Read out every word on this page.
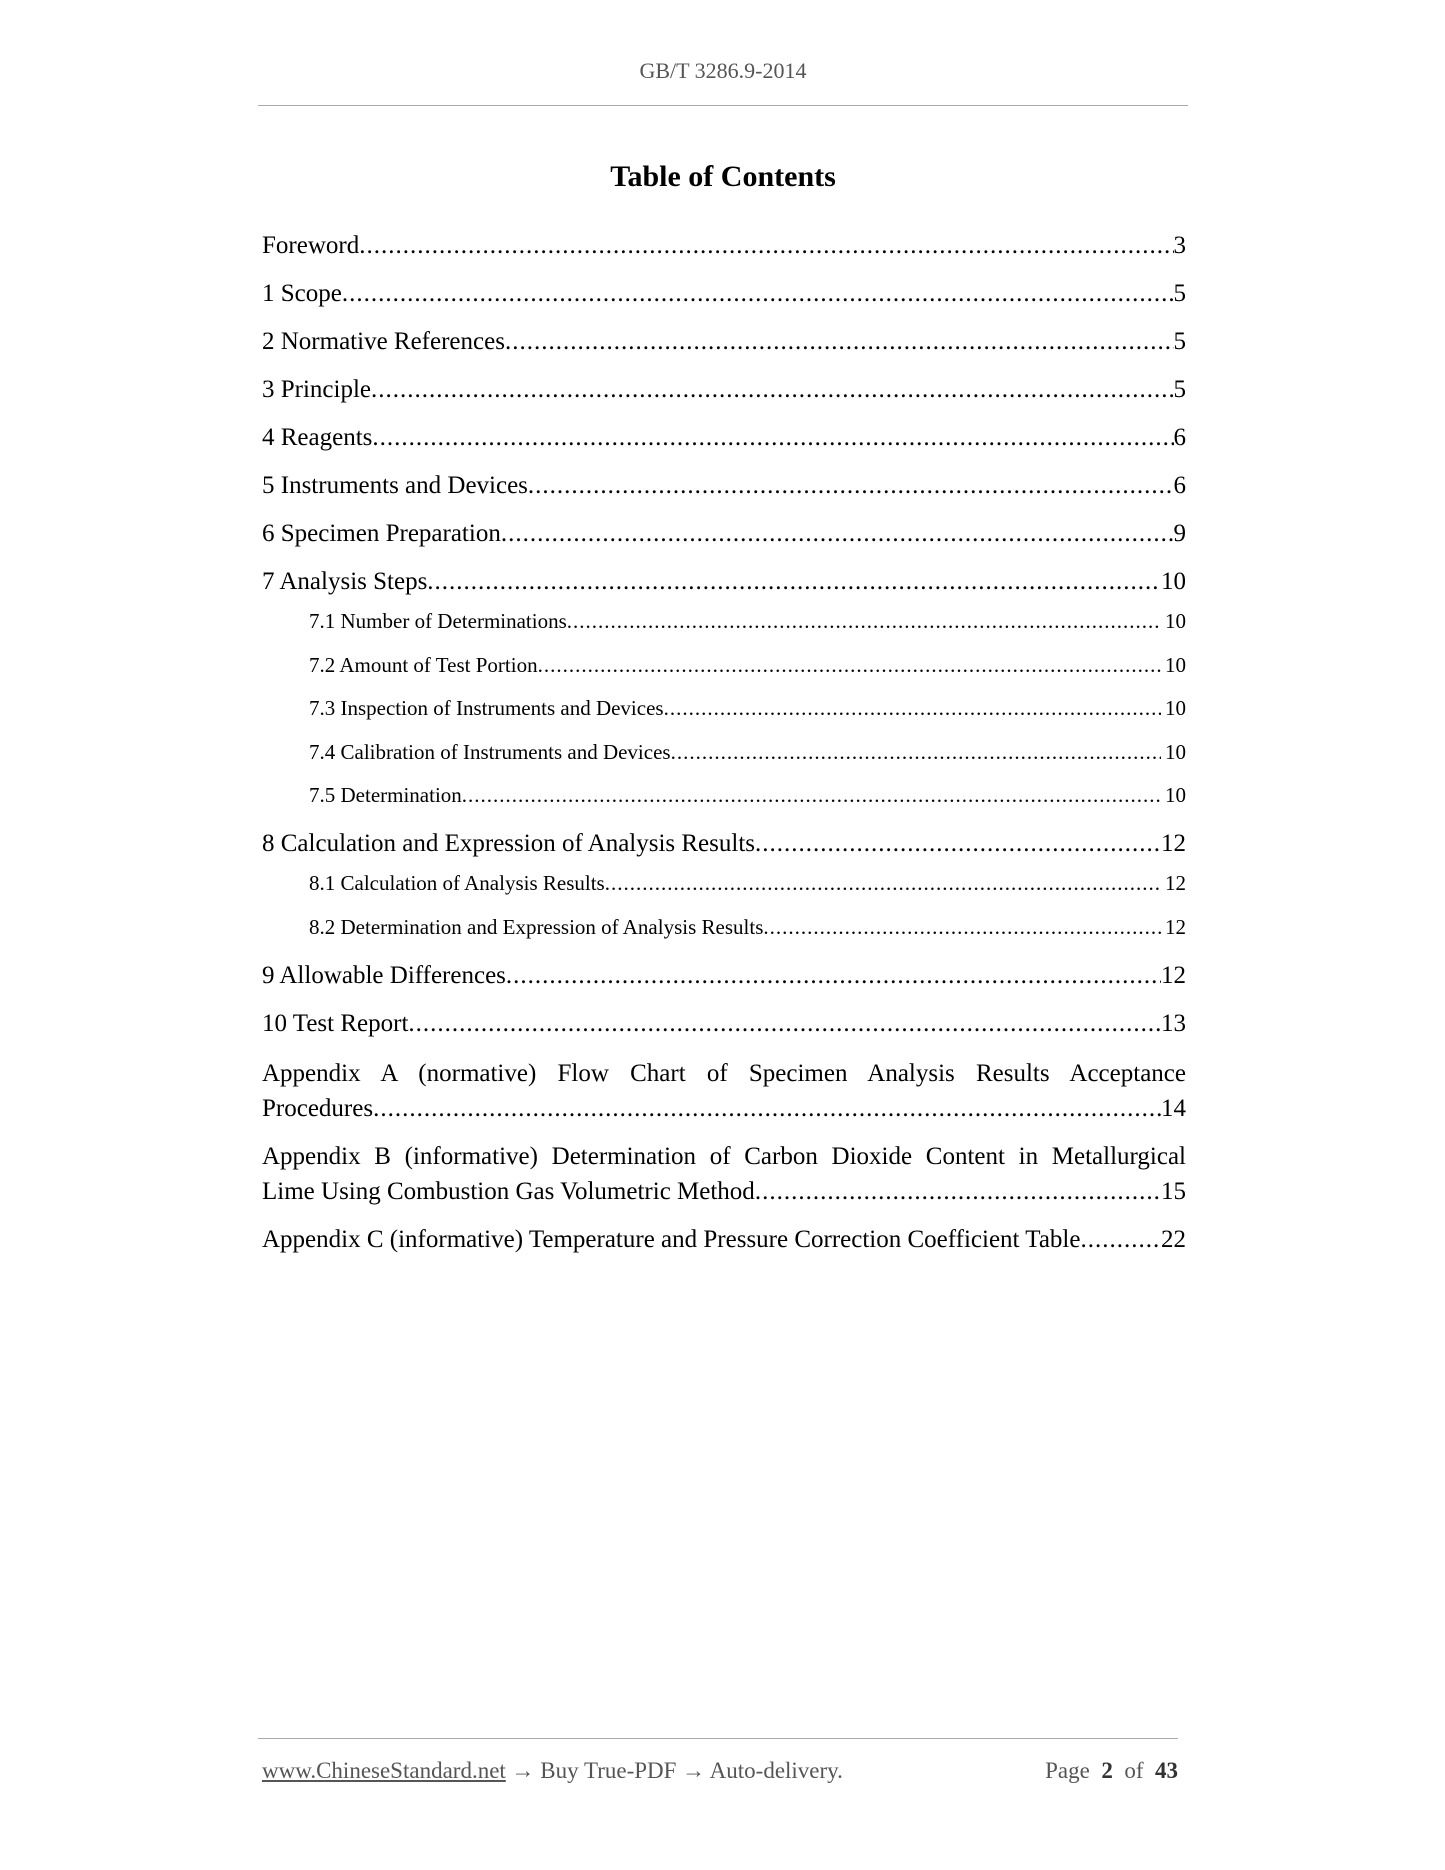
GB/T 3286.9-2014
Table of Contents
Foreword .....	3
1 Scope .....	5
2 Normative References .....	5
3 Principle .....	5
4 Reagents .....	6
5 Instruments and Devices .....	6
6 Specimen Preparation .....	9
7 Analysis Steps .....	10
7.1 Number of Determinations .....	10
7.2 Amount of Test Portion .....	10
7.3 Inspection of Instruments and Devices .....	10
7.4 Calibration of Instruments and Devices .....	10
7.5 Determination .....	10
8 Calculation and Expression of Analysis Results .....	12
8.1 Calculation of Analysis Results .....	12
8.2 Determination and Expression of Analysis Results .....	12
9 Allowable Differences .....	12
10 Test Report .....	13
Appendix A (normative) Flow Chart of Specimen Analysis Results Acceptance
Procedures .....	14
Appendix B (informative) Determination of Carbon Dioxide Content in Metallurgical
Lime Using Combustion Gas Volumetric Method .....	15
Appendix C (informative) Temperature and Pressure Correction Coefficient Table .....	22
www.ChineseStandard.net → Buy True-PDF → Auto-delivery.	Page 2 of 43
